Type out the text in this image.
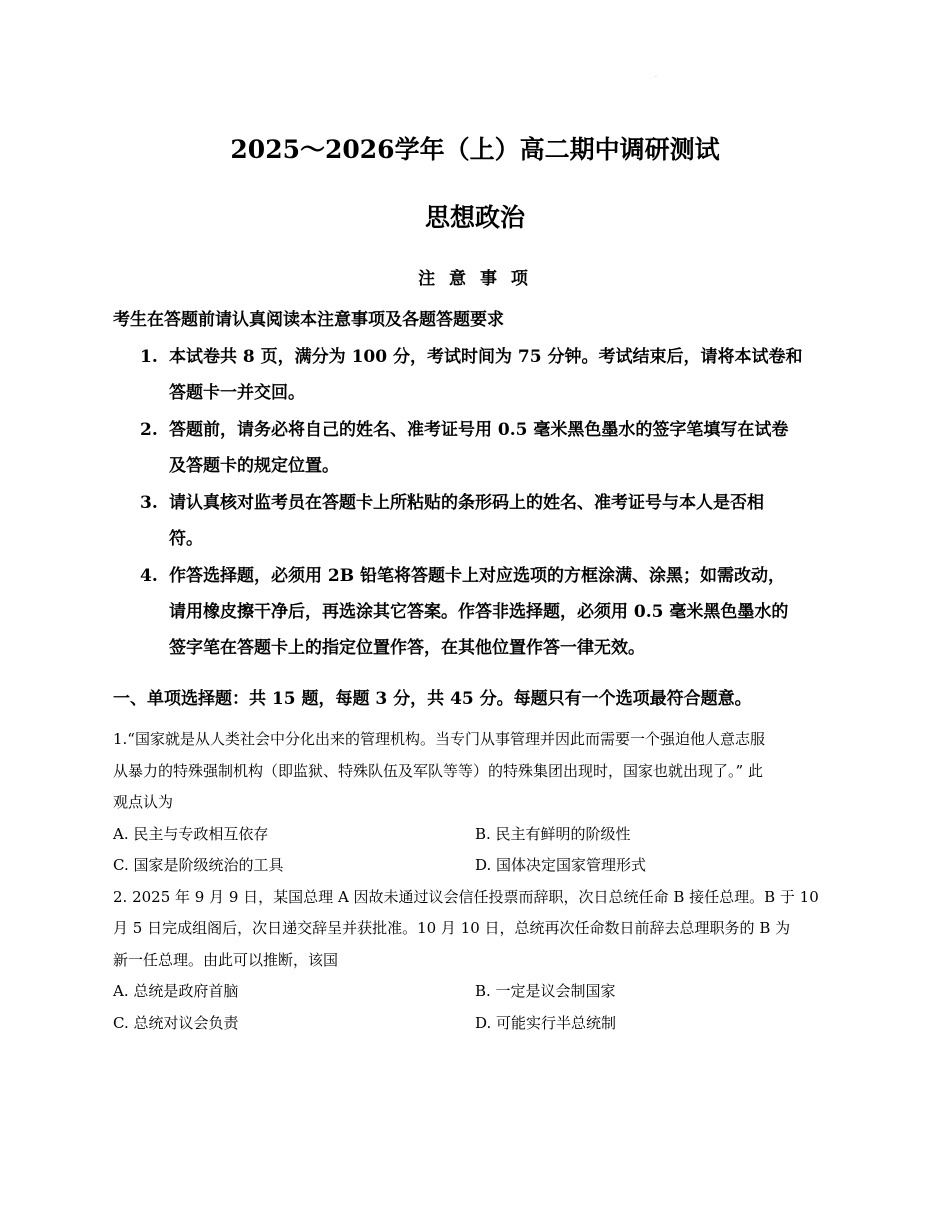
·
2025～2026学年（上）高二期中调研测试
思想政治
注 意 事 项
考生在答题前请认真阅读本注意事项及各题答题要求
1. 本试卷共 8 页，满分为 100 分，考试时间为 75 分钟。考试结束后，请将本试卷和
答题卡一并交回。
2. 答题前，请务必将自己的姓名、准考证号用 0.5 毫米黑色墨水的签字笔填写在试卷
及答题卡的规定位置。
3. 请认真核对监考员在答题卡上所粘贴的条形码上的姓名、准考证号与本人是否相
符。
4. 作答选择题，必须用 2B 铅笔将答题卡上对应选项的方框涂满、涂黑；如需改动，
请用橡皮擦干净后，再选涂其它答案。作答非选择题，必须用 0.5 毫米黑色墨水的
签字笔在答题卡上的指定位置作答，在其他位置作答一律无效。
一、单项选择题：共 15 题，每题 3 分，共 45 分。每题只有一个选项最符合题意。
1.“国家就是从人类社会中分化出来的管理机构。当专门从事管理并因此而需要一个强迫他人意志服
从暴力的特殊强制机构（即监狱、特殊队伍及军队等等）的特殊集团出现时，国家也就出现了。” 此
观点认为
A. 民主与专政相互依存	B. 民主有鲜明的阶级性
C. 国家是阶级统治的工具	D. 国体决定国家管理形式
2. 2025 年 9 月 9 日，某国总理 A 因故未通过议会信任投票而辞职，次日总统任命 B 接任总理。B 于 10
月 5 日完成组阁后，次日递交辞呈并获批准。10 月 10 日，总统再次任命数日前辞去总理职务的 B 为
新一任总理。由此可以推断，该国
A. 总统是政府首脑	B. 一定是议会制国家
C. 总统对议会负责	D. 可能实行半总统制
